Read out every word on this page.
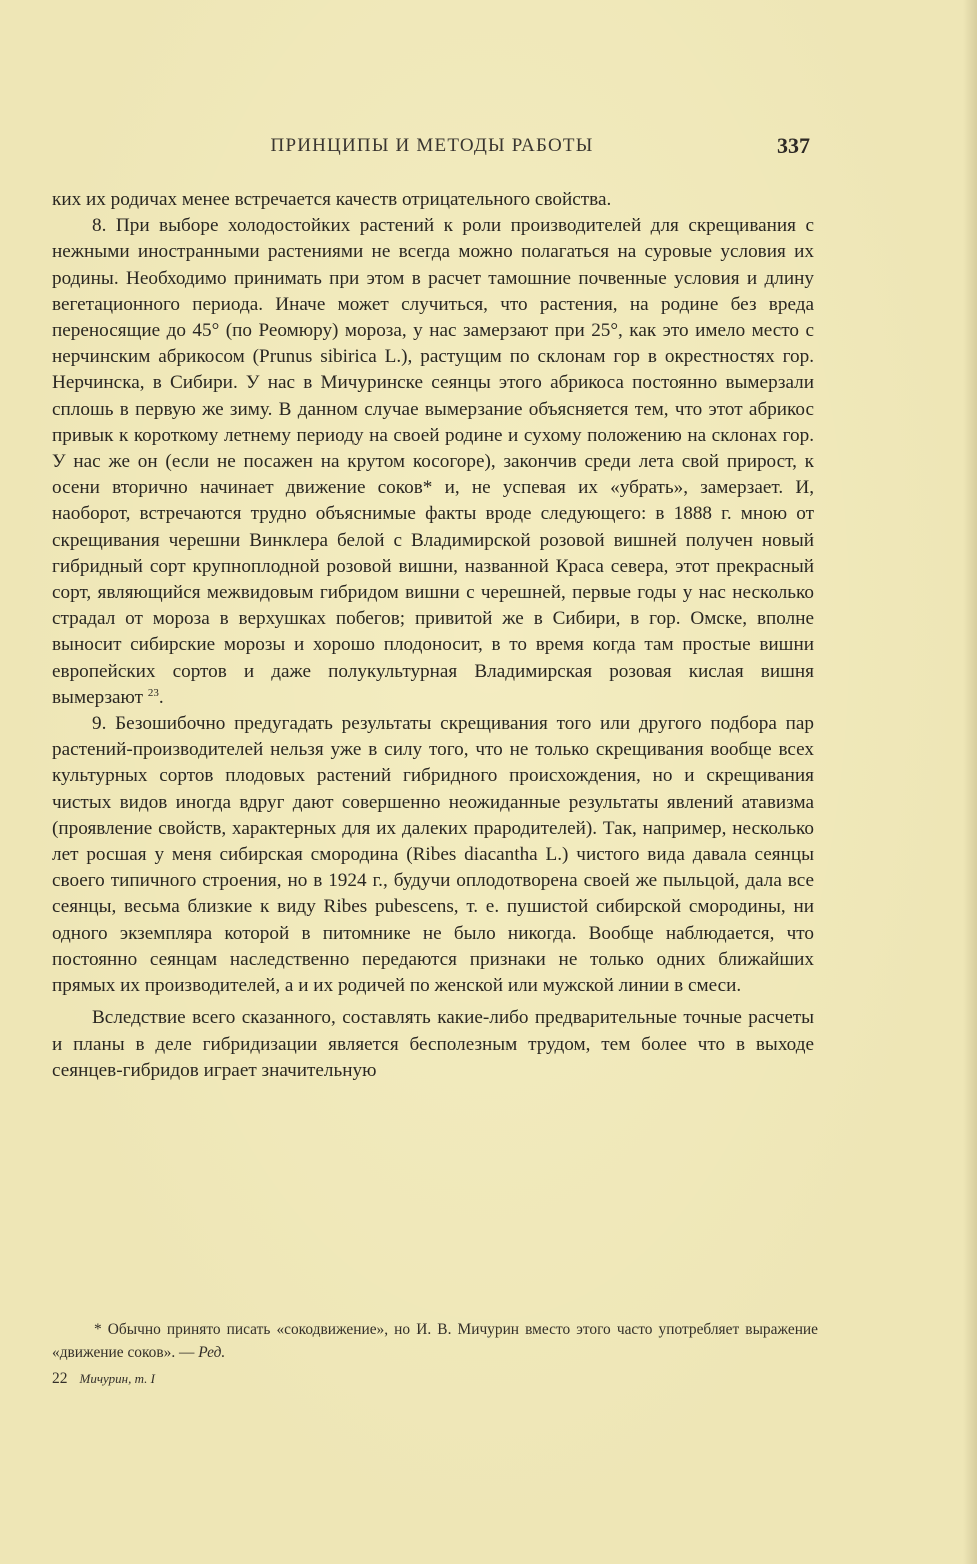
ПРИНЦИПЫ И МЕТОДЫ РАБОТЫ	337

ких их родичах менее встречается качеств отрицательного свойства.

8. При выборе холодостойких растений к роли производителей для скрещивания с нежными иностранными растениями не всегда можно полагаться на суровые условия их родины. Необходимо принимать при этом в расчет тамошние почвенные условия и длину вегетационного периода. Иначе может случиться, что растения, на родине без вреда переносящие до 45° (по Реомюру) мороза, у нас замерзают при 25°, как это имело место с нерчинским абрикосом (Prunus sibirica L.), растущим по склонам гор в окрестностях гор. Нерчинска, в Сибири. У нас в Мичуринске сеянцы этого абрикоса постоянно вымерзали сплошь в первую же зиму. В данном случае вымерзание объясняется тем, что этот абрикос привык к короткому летнему периоду на своей родине и сухому положению на склонах гор. У нас же он (если не посажен на крутом косогоре), закончив среди лета свой прирост, к осени вторично начинает движение соков* и, не успевая их «убрать», замерзает. И, наоборот, встречаются трудно объяснимые факты вроде следующего: в 1888 г. мною от скрещивания черешни Винклера белой с Владимирской розовой вишней получен новый гибридный сорт крупноплодной розовой вишни, названной Краса севера, этот прекрасный сорт, являющийся межвидовым гибридом вишни с черешней, первые годы у нас несколько страдал от мороза в верхушках побегов; привитой же в Сибири, в гор. Омске, вполне выносит сибирские морозы и хорошо плодоносит, в то время когда там простые вишни европейских сортов и даже полукультурная Владимирская розовая кислая вишня вымерзают $^{23}$.

9. Безошибочно предугадать результаты скрещивания того или другого подбора пар растений-производителей нельзя уже в силу того, что не только скрещивания вообще всех культурных сортов плодовых растений гибридного происхождения, но и скрещивания чистых видов иногда вдруг дают совершенно неожиданные результаты явлений атавизма (проявление свойств, характерных для их далеких прародителей). Так, например, несколько лет росшая у меня сибирская смородина (Ribes diacantha L.) чистого вида давала сеянцы своего типичного строения, но в 1924 г., будучи оплодотворена своей же пыльцой, дала все сеянцы, весьма близкие к виду Ribes pubescens, т. е. пушистой сибирской смородины, ни одного экземпляра которой в питомнике не было никогда. Вообще наблюдается, что постоянно сеянцам наследственно передаются признаки не только одних ближайших прямых их производителей, а и их родичей по женской или мужской линии в смеси.

Вследствие всего сказанного, составлять какие-либо предварительные точные расчеты и планы в деле гибридизации является бесполезным трудом, тем более что в выходе сеянцев-гибридов играет значительную

* Обычно принято писать «сокодвижение», но И. В. Мичурин вместо этого часто употребляет выражение «движение соков». — Ред.
22 Мичурин, т. I
